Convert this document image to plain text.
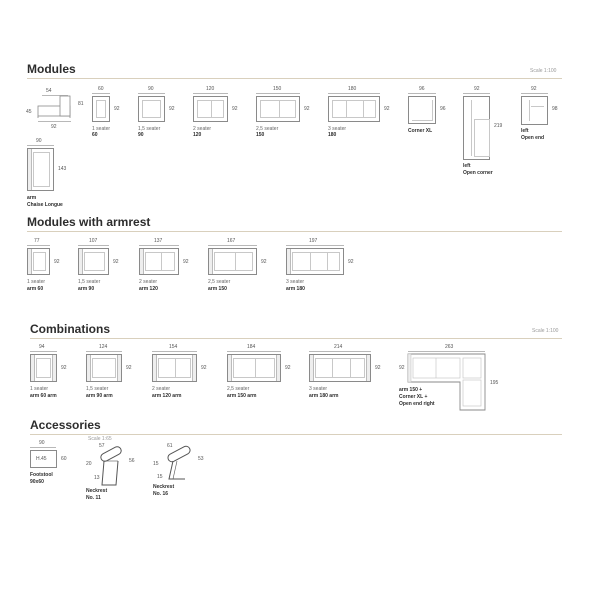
Modules	Scale 1:100
54
45
81
92
60
92
1 seater
60
90
92
1,5 seater
90
120
92
2 seater
120
150
92
2,5 seater
150
180
92
3 seater
180
96
96
Corner XL
92
219
left
Open corner
92
98
left
Open end
90
143
arm
Chaise Longue
Modules with armrest
77
92
1 seater
arm 60
107
92
1,5 seater
arm 90
137
92
2 seater
arm 120
167
92
2,5 seater
arm 150
197
92
3 seater
arm 180
Combinations	Scale 1:100
94
92
1 seater
arm 60 arm
124
92
1,5 seater
arm 90 arm
154
92
2 seater
arm 120 arm
184
92
2,5 seater
arm 150 arm
214
92
3 seater
arm 180 arm
263
92
195
arm 150 +
Corner XL +
Open end right
Accessories
90
H.45	60
Footstool
90x60
Scale 1:65
57
20
13
56
Neckrest
No. 11
61
15
15
53
Neckrest
No. 16
